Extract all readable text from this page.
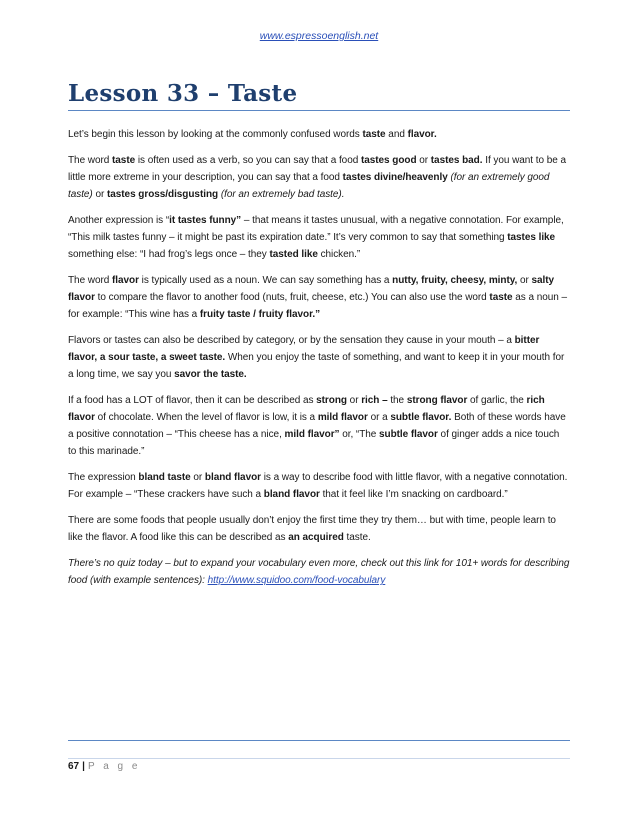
www.espressoenglish.net
Lesson 33 – Taste

Let’s begin this lesson by looking at the commonly confused words taste and flavor.

The word taste is often used as a verb, so you can say that a food tastes good or tastes bad. If you want to be a little more extreme in your description, you can say that a food tastes divine/heavenly (for an extremely good taste) or tastes gross/disgusting (for an extremely bad taste).

Another expression is “it tastes funny” – that means it tastes unusual, with a negative connotation. For example, “This milk tastes funny – it might be past its expiration date.” It’s very common to say that something tastes like something else: “I had frog’s legs once – they tasted like chicken.”

The word flavor is typically used as a noun. We can say something has a nutty, fruity, cheesy, minty, or salty flavor to compare the flavor to another food (nuts, fruit, cheese, etc.) You can also use the word taste as a noun – for example: “This wine has a fruity taste / fruity flavor.”

Flavors or tastes can also be described by category, or by the sensation they cause in your mouth – a bitter flavor, a sour taste, a sweet taste. When you enjoy the taste of something, and want to keep it in your mouth for a long time, we say you savor the taste.

If a food has a LOT of flavor, then it can be described as strong or rich – the strong flavor of garlic, the rich flavor of chocolate. When the level of flavor is low, it is a mild flavor or a subtle flavor. Both of these words have a positive connotation – “This cheese has a nice, mild flavor” or, “The subtle flavor of ginger adds a nice touch to this marinade.”

The expression bland taste or bland flavor is a way to describe food with little flavor, with a negative connotation. For example – “These crackers have such a bland flavor that it feel like I’m snacking on cardboard.”

There are some foods that people usually don’t enjoy the first time they try them… but with time, people learn to like the flavor. A food like this can be described as an acquired taste.

There’s no quiz today – but to expand your vocabulary even more, check out this link for 101+ words for describing food (with example sentences): http://www.squidoo.com/food-vocabulary

67 | P a g e
